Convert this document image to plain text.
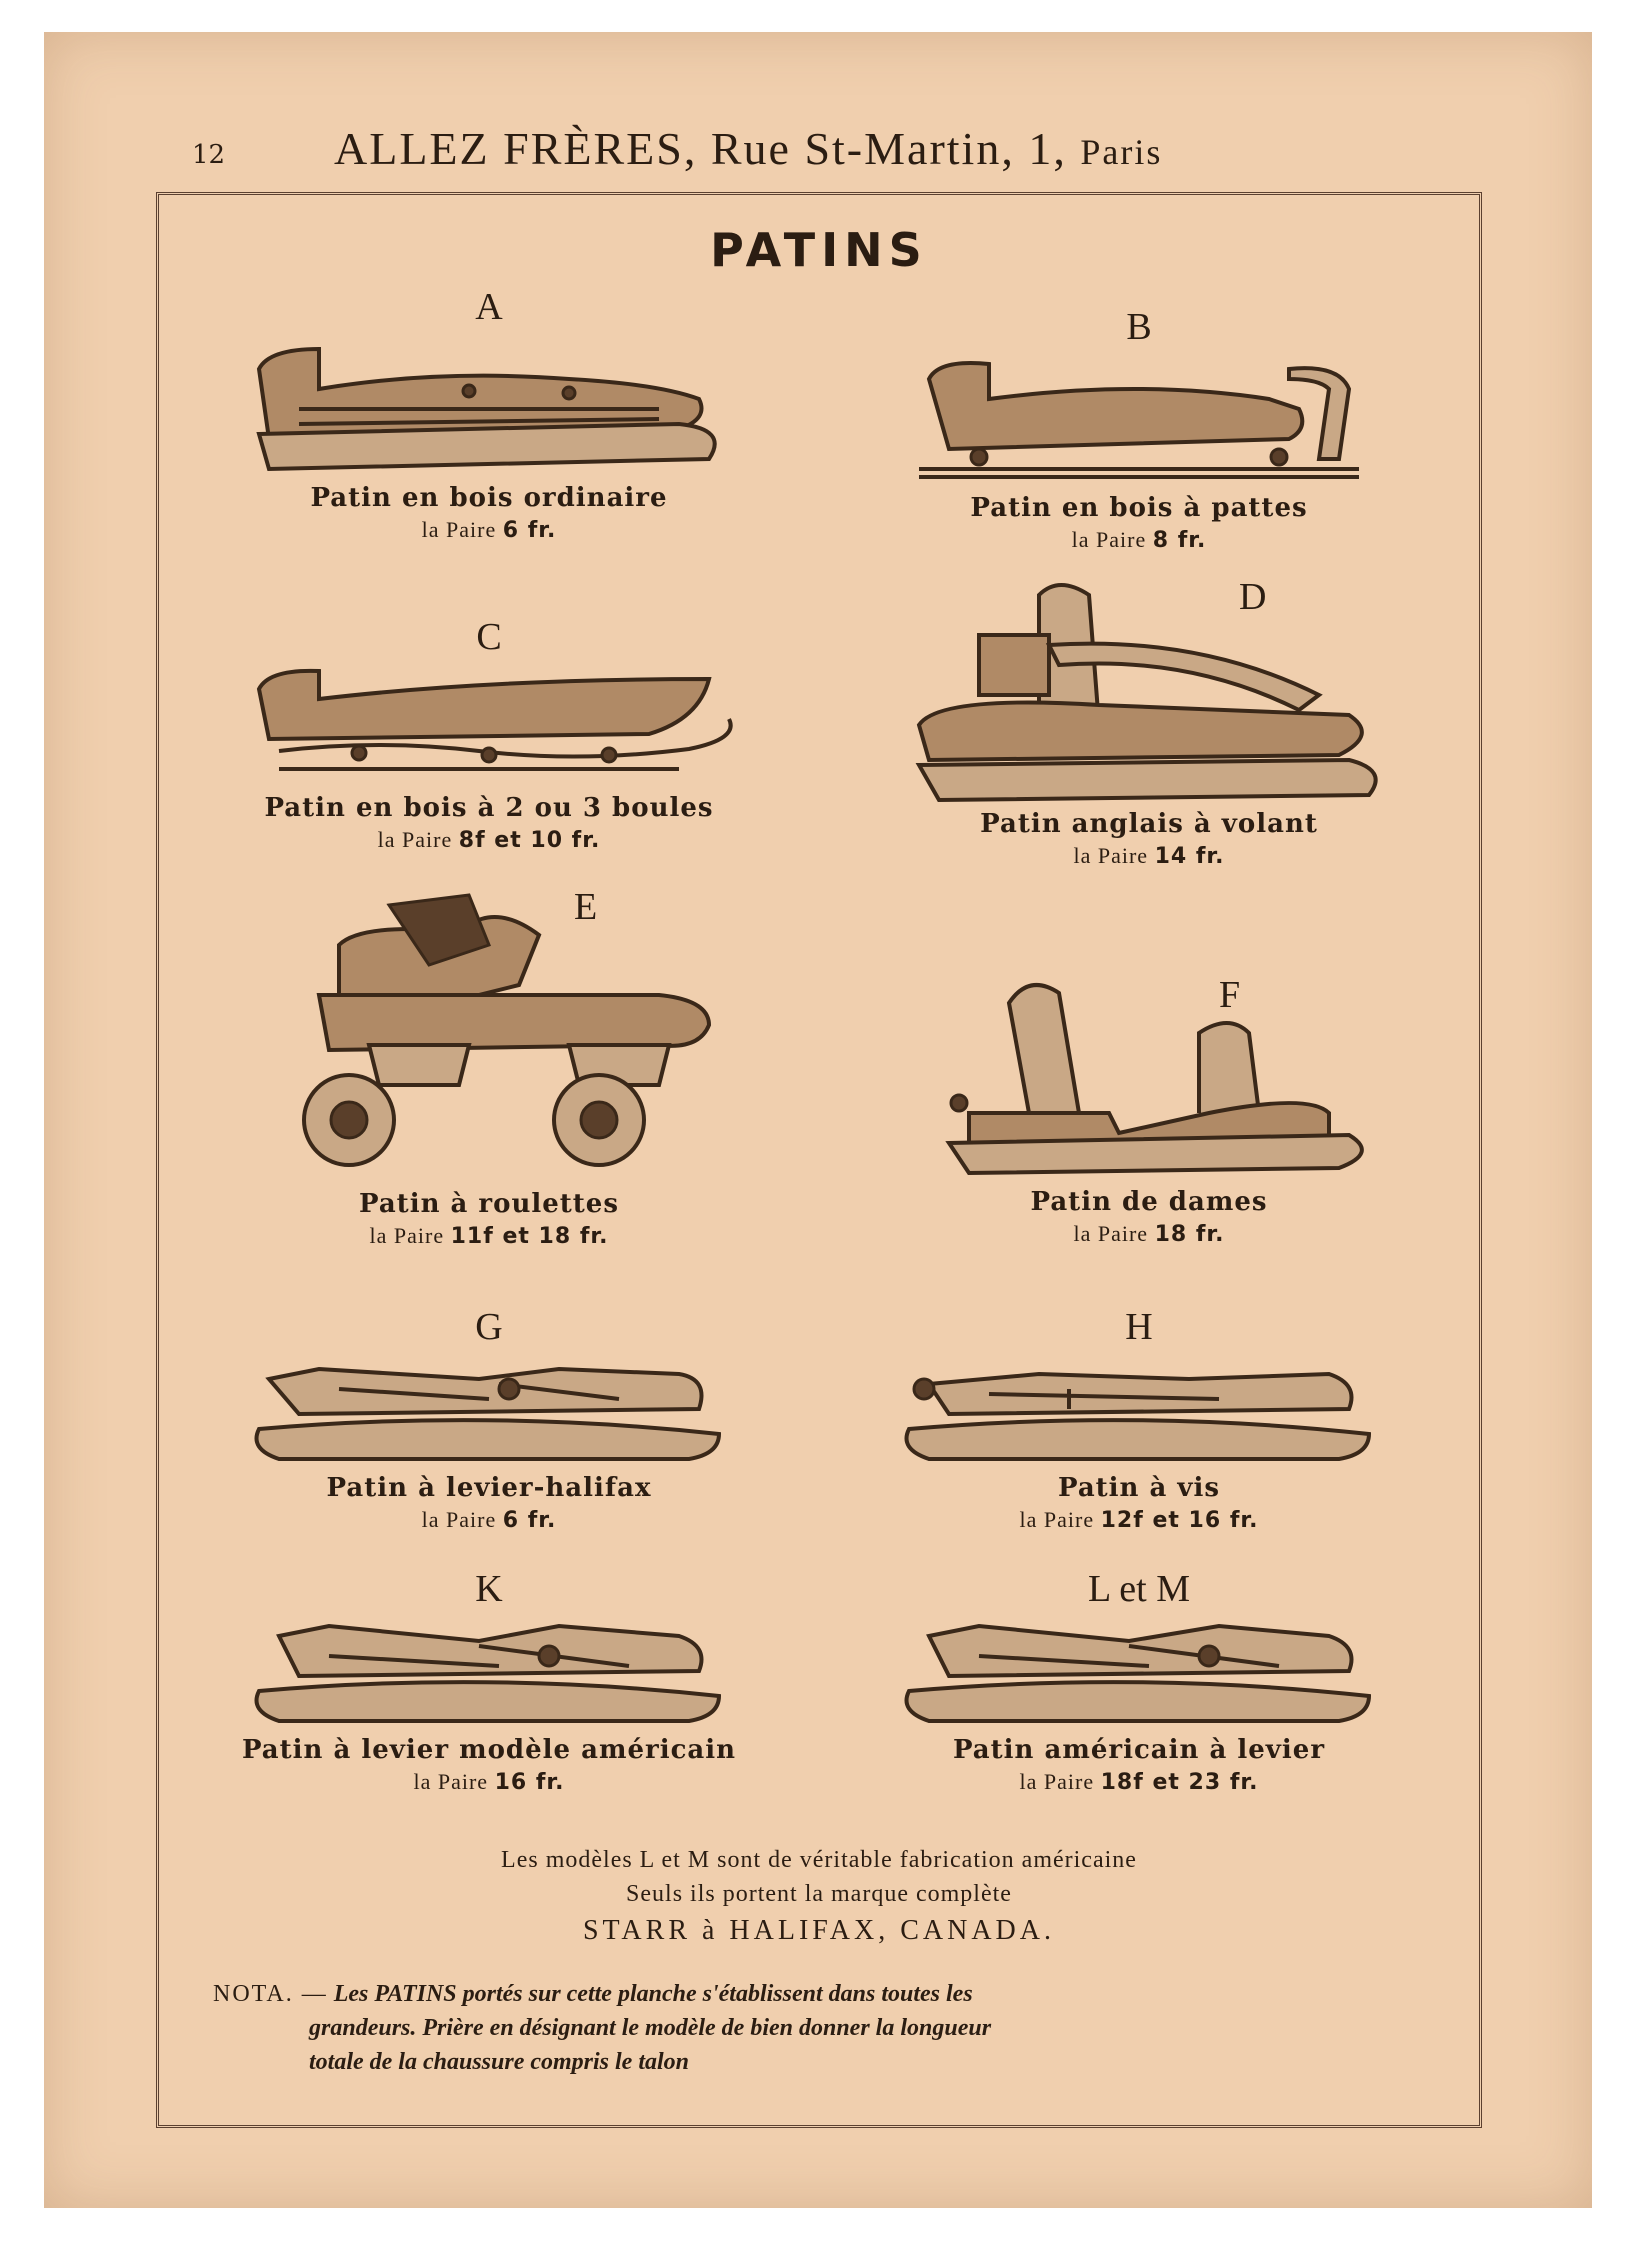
12 ALLEZ FRÈRES, Rue St-Martin, 1, Paris
PATINS
A
Patin en bois ordinaire
la Paire 6 fr.
B
Patin en bois à pattes
la Paire 8 fr.
C
Patin en bois à 2 ou 3 boules
la Paire 8f et 10 fr.
D
Patin anglais à volant
la Paire 14 fr.
E
Patin à roulettes
la Paire 11f et 18 fr.
F
Patin de dames
la Paire 18 fr.
G
Patin à levier-halifax
la Paire 6 fr.
H
Patin à vis
la Paire 12f et 16 fr.
K
Patin à levier modèle américain
la Paire 16 fr.
L et M
Patin américain à levier
la Paire 18f et 23 fr.
Les modèles L et M sont de véritable fabrication américaine
Seuls ils portent la marque complète
STARR à HALIFAX, CANADA.
NOTA. — Les PATINS portés sur cette planche s'établissent dans toutes les
grandeurs. Prière en désignant le modèle de bien donner la longueur
totale de la chaussure compris le talon
